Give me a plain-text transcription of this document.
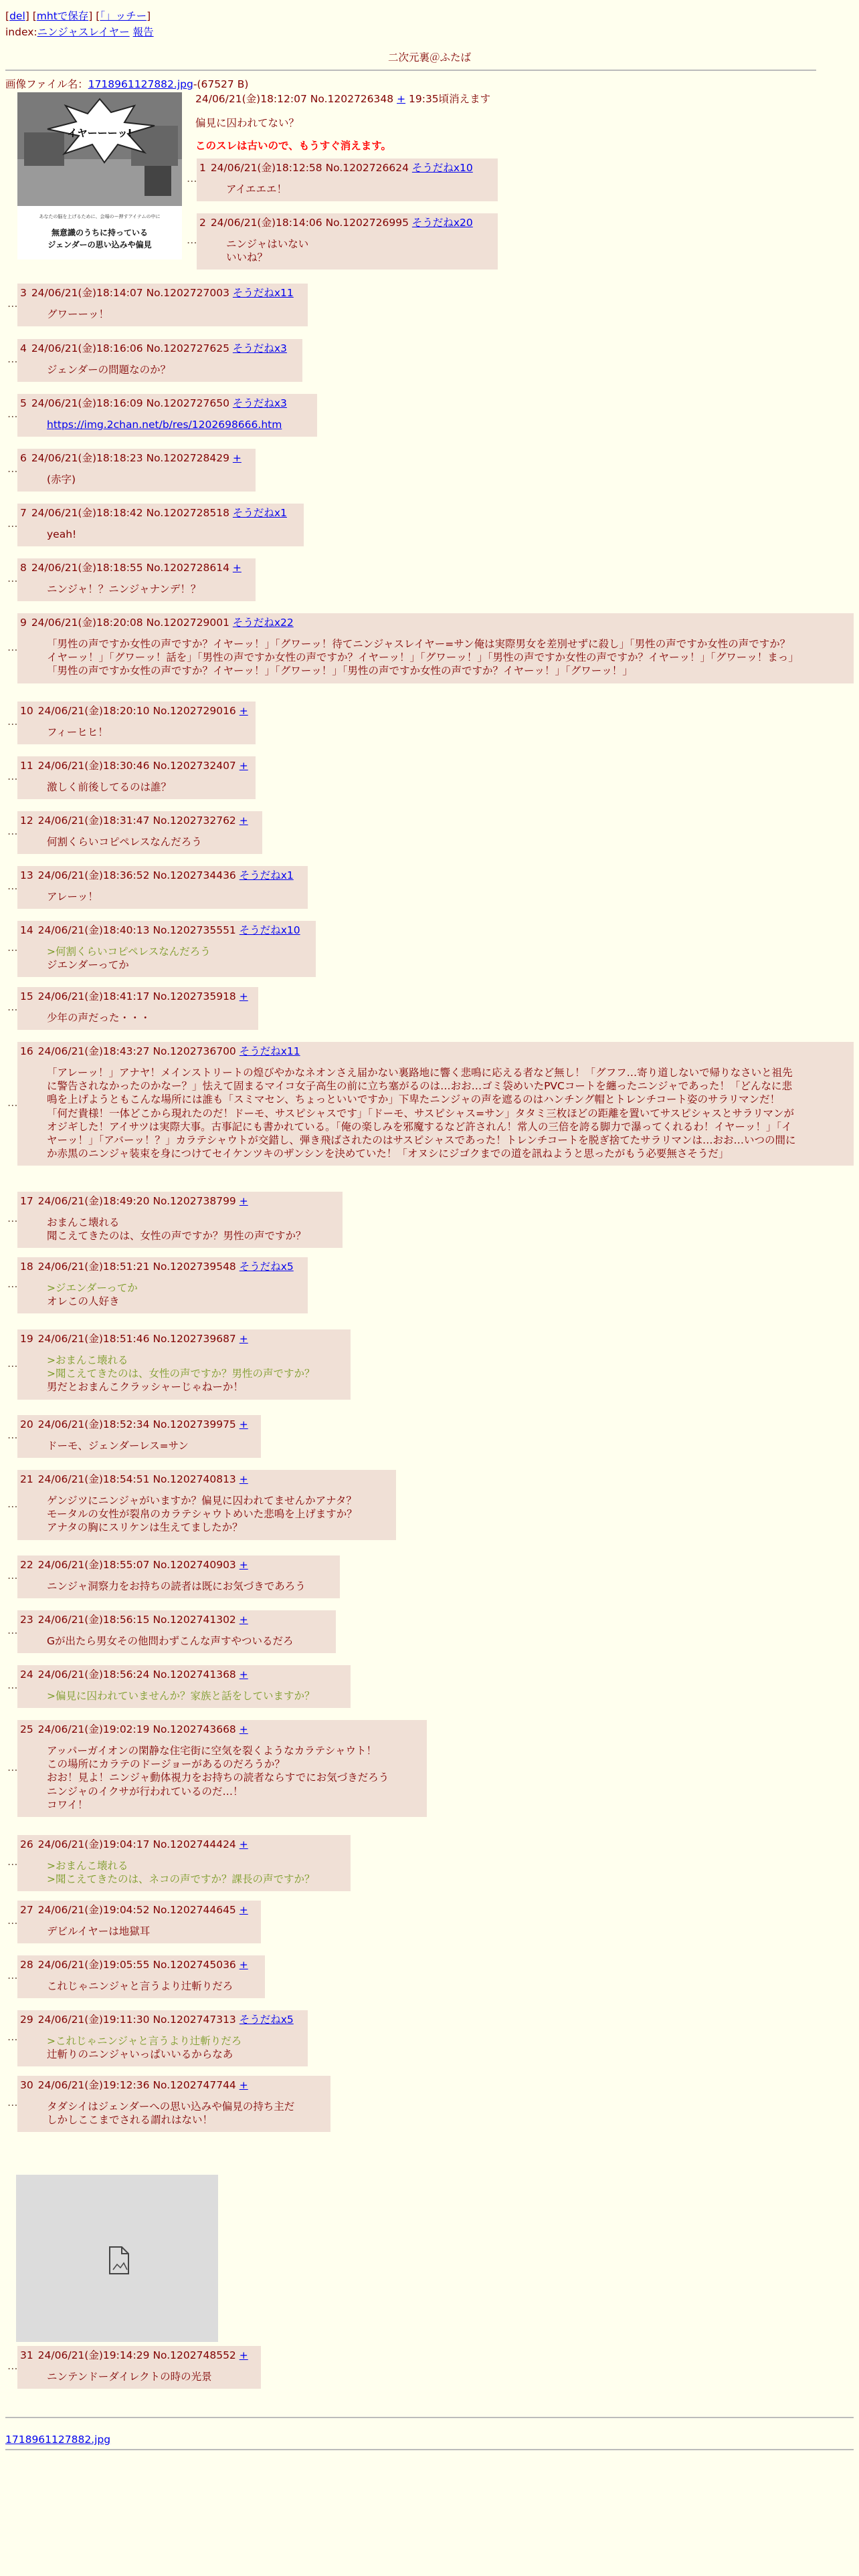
[del] [mhtで保存] [「」ッチー]
index:ニンジャスレイヤー 報告
二次元裏＠ふたば
画像ファイル名：1718961127882.jpg-(67527 B)
イヤーーーッ!
あなたの脳を上げるために、会場のー押すアイテムの中に
無意識のうちに持っている
ジェンダーの思い込みや偏見
24/06/21(金)18:12:07 No.1202726348 + 19:35頃消えます
偏見に囚われてない？
このスレは古いので、もうすぐ消えます。
1 24/06/21(金)18:12:58 No.1202726624 そうだねx10
アイエエエ！
…
2 24/06/21(金)18:14:06 No.1202726995 そうだねx20
ニンジャはいない
いいね？
…
3 24/06/21(金)18:14:07 No.1202727003 そうだねx11
グワーーッ！
…
4 24/06/21(金)18:16:06 No.1202727625 そうだねx3
ジェンダーの問題なのか？
…
5 24/06/21(金)18:16:09 No.1202727650 そうだねx3
https://img.2chan.net/b/res/1202698666.htm
…
6 24/06/21(金)18:18:23 No.1202728429 +
(赤字)
…
7 24/06/21(金)18:18:42 No.1202728518 そうだねx1
yeah!
…
8 24/06/21(金)18:18:55 No.1202728614 +
ニンジャ！？ニンジャナンデ！？
…
9 24/06/21(金)18:20:08 No.1202729001 そうだねx22
「男性の声ですか女性の声ですか？イヤーッ！」「グワーッ！待てニンジャスレイヤー=サン俺は実際男女を差別せずに殺し」「男性の声ですか女性の声ですか？
イヤーッ！」「グワーッ！話を」「男性の声ですか女性の声ですか？イヤーッ！」「グワーッ！」「男性の声ですか女性の声ですか？イヤーッ！」「グワーッ！まっ」
「男性の声ですか女性の声ですか？イヤーッ！」「グワーッ！」「男性の声ですか女性の声ですか？イヤーッ！」「グワーッ！」
…
10 24/06/21(金)18:20:10 No.1202729016 +
フィーヒヒ！
…
11 24/06/21(金)18:30:46 No.1202732407 +
激しく前後してるのは誰？
…
12 24/06/21(金)18:31:47 No.1202732762 +
何割くらいコピペレスなんだろう
…
13 24/06/21(金)18:36:52 No.1202734436 そうだねx1
アレーッ！
…
14 24/06/21(金)18:40:13 No.1202735551 そうだねx10
>何割くらいコピペレスなんだろう
ジエンダーってか
…
15 24/06/21(金)18:41:17 No.1202735918 +
少年の声だった・・・
…
16 24/06/21(金)18:43:27 No.1202736700 そうだねx11
「アレーッ！」アナヤ！メインストリートの煌びやかなネオンさえ届かない裏路地に響く悲鳴に応える者など無し！「グフフ…寄り道しないで帰りなさいと祖先
に警告されなかったのかなー？」怯えて固まるマイコ女子高生の前に立ち塞がるのは…おお…ゴミ袋めいたPVCコートを纏ったニンジャであった！「どんなに悲
鳴を上げようともこんな場所には誰も「スミマセン、ちょっといいですか」下卑たニンジャの声を遮るのはハンチング帽とトレンチコート姿のサラリマンだ！
「何だ貴様！一体どこから現れたのだ！ドーモ、サスピシャスです」「ドーモ、サスピシャス=サン」タタミ三枚ほどの距離を置いてサスピシャスとサラリマンが
オジギした！アイサツは実際大事。古事記にも書かれている。「俺の楽しみを邪魔するなど許されん！常人の三倍を誇る脚力で瀑ってくれるわ！イヤーッ！」「イ
ヤーッ！」「アバーッ！？」カラテシャウトが交錯し、弾き飛ばされたのはサスピシャスであった！トレンチコートを脱ぎ捨てたサラリマンは…おお…いつの間に
か赤黒のニンジャ装束を身につけてセイケンツキのザンシンを決めていた！「オヌシにジゴクまでの道を訊ねようと思ったがもう必要無さそうだ」
…
17 24/06/21(金)18:49:20 No.1202738799 +
おまんこ壊れる
聞こえてきたのは、女性の声ですか？男性の声ですか？
…
18 24/06/21(金)18:51:21 No.1202739548 そうだねx5
>ジエンダーってか
オレこの人好き
…
19 24/06/21(金)18:51:46 No.1202739687 +
>おまんこ壊れる
>聞こえてきたのは、女性の声ですか？男性の声ですか？
男だとおまんこクラッシャーじゃねーか！
…
20 24/06/21(金)18:52:34 No.1202739975 +
ドーモ、ジェンダーレス=サン
…
21 24/06/21(金)18:54:51 No.1202740813 +
ゲンジツにニンジャがいますか？偏見に囚われてませんかアナタ？
モータルの女性が裂帛のカラテシャウトめいた悲鳴を上げますか？
アナタの胸にスリケンは生えてましたか？
…
22 24/06/21(金)18:55:07 No.1202740903 +
ニンジャ洞察力をお持ちの読者は既にお気づきであろう
…
23 24/06/21(金)18:56:15 No.1202741302 +
Gが出たら男女その他問わずこんな声すやついるだろ
…
24 24/06/21(金)18:56:24 No.1202741368 +
>偏見に囚われていませんか？家族と話をしていますか？
…
25 24/06/21(金)19:02:19 No.1202743668 +
アッパーガイオンの閑静な住宅街に空気を裂くようなカラテシャウト！
この場所にカラテのドージョーがあるのだろうか？
おお！見よ！ニンジャ動体視力をお持ちの読者ならすでにお気づきだろう
ニンジャのイクサが行われているのだ…！
コワイ！
…
26 24/06/21(金)19:04:17 No.1202744424 +
>おまんこ壊れる
>聞こえてきたのは、ネコの声ですか？課長の声ですか？
…
27 24/06/21(金)19:04:52 No.1202744645 +
デビルイヤーは地獄耳
…
28 24/06/21(金)19:05:55 No.1202745036 +
これじゃニンジャと言うより辻斬りだろ
…
29 24/06/21(金)19:11:30 No.1202747313 そうだねx5
>これじゃニンジャと言うより辻斬りだろ
辻斬りのニンジャいっぱいいるからなあ
…
30 24/06/21(金)19:12:36 No.1202747744 +
タダシイはジェンダーへの思い込みや偏見の持ち主だ
しかしここまでされる謂れはない！
…
31 24/06/21(金)19:14:29 No.1202748552 +
ニンテンドーダイレクトの時の光景
…
1718961127882.jpg
